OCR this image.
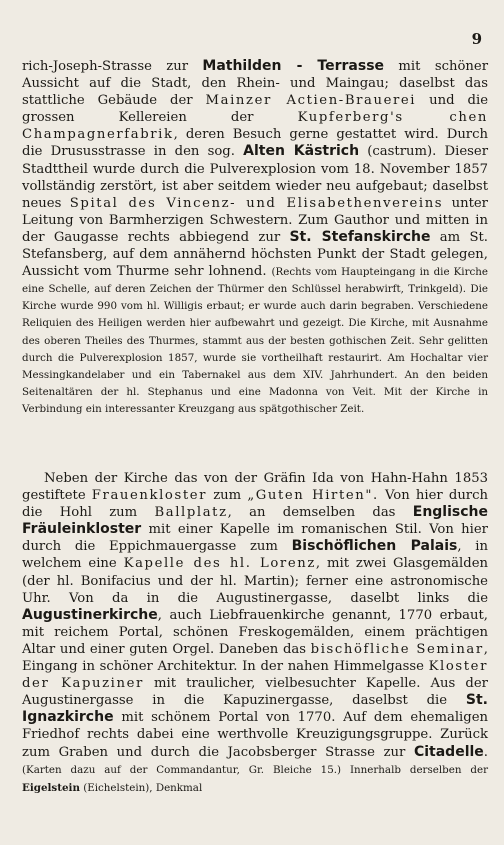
9
rich-Joseph-Strasse zur Mathilden - Terrasse mit schöner Aussicht auf die Stadt, den Rhein- und Maingau; daselbst das stattliche Gebäude der Mainzer Actien-Brauerei und die grossen Kellereien der Kupferberg's chen Champagnerfabrik, deren Besuch gerne gestattet wird. Durch die Drususstrasse in den sog. Alten Kästrich (castrum). Dieser Stadttheil wurde durch die Pulverexplosion vom 18. November 1857 vollständig zerstört, ist aber seitdem wieder neu aufgebaut; daselbst neues Spital des Vincenz- und Elisabethenvereins unter Leitung von Barmherzigen Schwestern. Zum Gauthor und mitten in der Gaugasse rechts abbiegend zur St. Stefanskirche am St. Stefansberg, auf dem annähernd höchsten Punkt der Stadt gelegen, Aussicht vom Thurme sehr lohnend. (Rechts vom Haupteingang in die Kirche eine Schelle, auf deren Zeichen der Thürmer den Schlüssel herabwirft, Trinkgeld). Die Kirche wurde 990 vom hl. Willigis erbaut; er wurde auch darin begraben. Verschiedene Reliquien des Heiligen werden hier aufbewahrt und gezeigt. Die Kirche, mit Ausnahme des oberen Theiles des Thurmes, stammt aus der besten gothischen Zeit. Sehr gelitten durch die Pulverexplosion 1857, wurde sie vortheilhaft restaurirt. Am Hochaltar vier Messingkandelaber und ein Tabernakel aus dem XIV. Jahrhundert. An den beiden Seitenaltären der hl. Stephanus und eine Madonna von Veit. Mit der Kirche in Verbindung ein interessanter Kreuzgang aus spätgothischer Zeit.
Neben der Kirche das von der Gräfin Ida von Hahn-Hahn 1853 gestiftete Frauenkloster zum „Guten Hirten". Von hier durch die Hohl zum Ballplatz, an demselben das Englische Fräuleinkloster mit einer Kapelle im romanischen Stil. Von hier durch die Eppichmauergasse zum Bischöflichen Palais, in welchem eine Kapelle des hl. Lorenz, mit zwei Glasgemälden (der hl. Bonifacius und der hl. Martin); ferner eine astronomische Uhr. Von da in die Augustinergasse, daselbt links die Augustinerkirche, auch Liebfrauenkirche genannt, 1770 erbaut, mit reichem Portal, schönen Freskogemälden, einem prächtigen Altar und einer guten Orgel. Daneben das bischöfliche Seminar, Eingang in schöner Architektur. In der nahen Himmelgasse Kloster der Kapuziner mit traulicher, vielbesuchter Kapelle. Aus der Augustinergasse in die Kapuzinergasse, daselbst die St. Ignazkirche mit schönem Portal von 1770. Auf dem ehemaligen Friedhof rechts dabei eine werthvolle Kreuzigungsgruppe. Zurück zum Graben und durch die Jacobsberger Strasse zur Citadelle. (Karten dazu auf der Commandantur, Gr. Bleiche 15.) Innerhalb derselben der Eigelstein (Eichelstein), Denkmal
